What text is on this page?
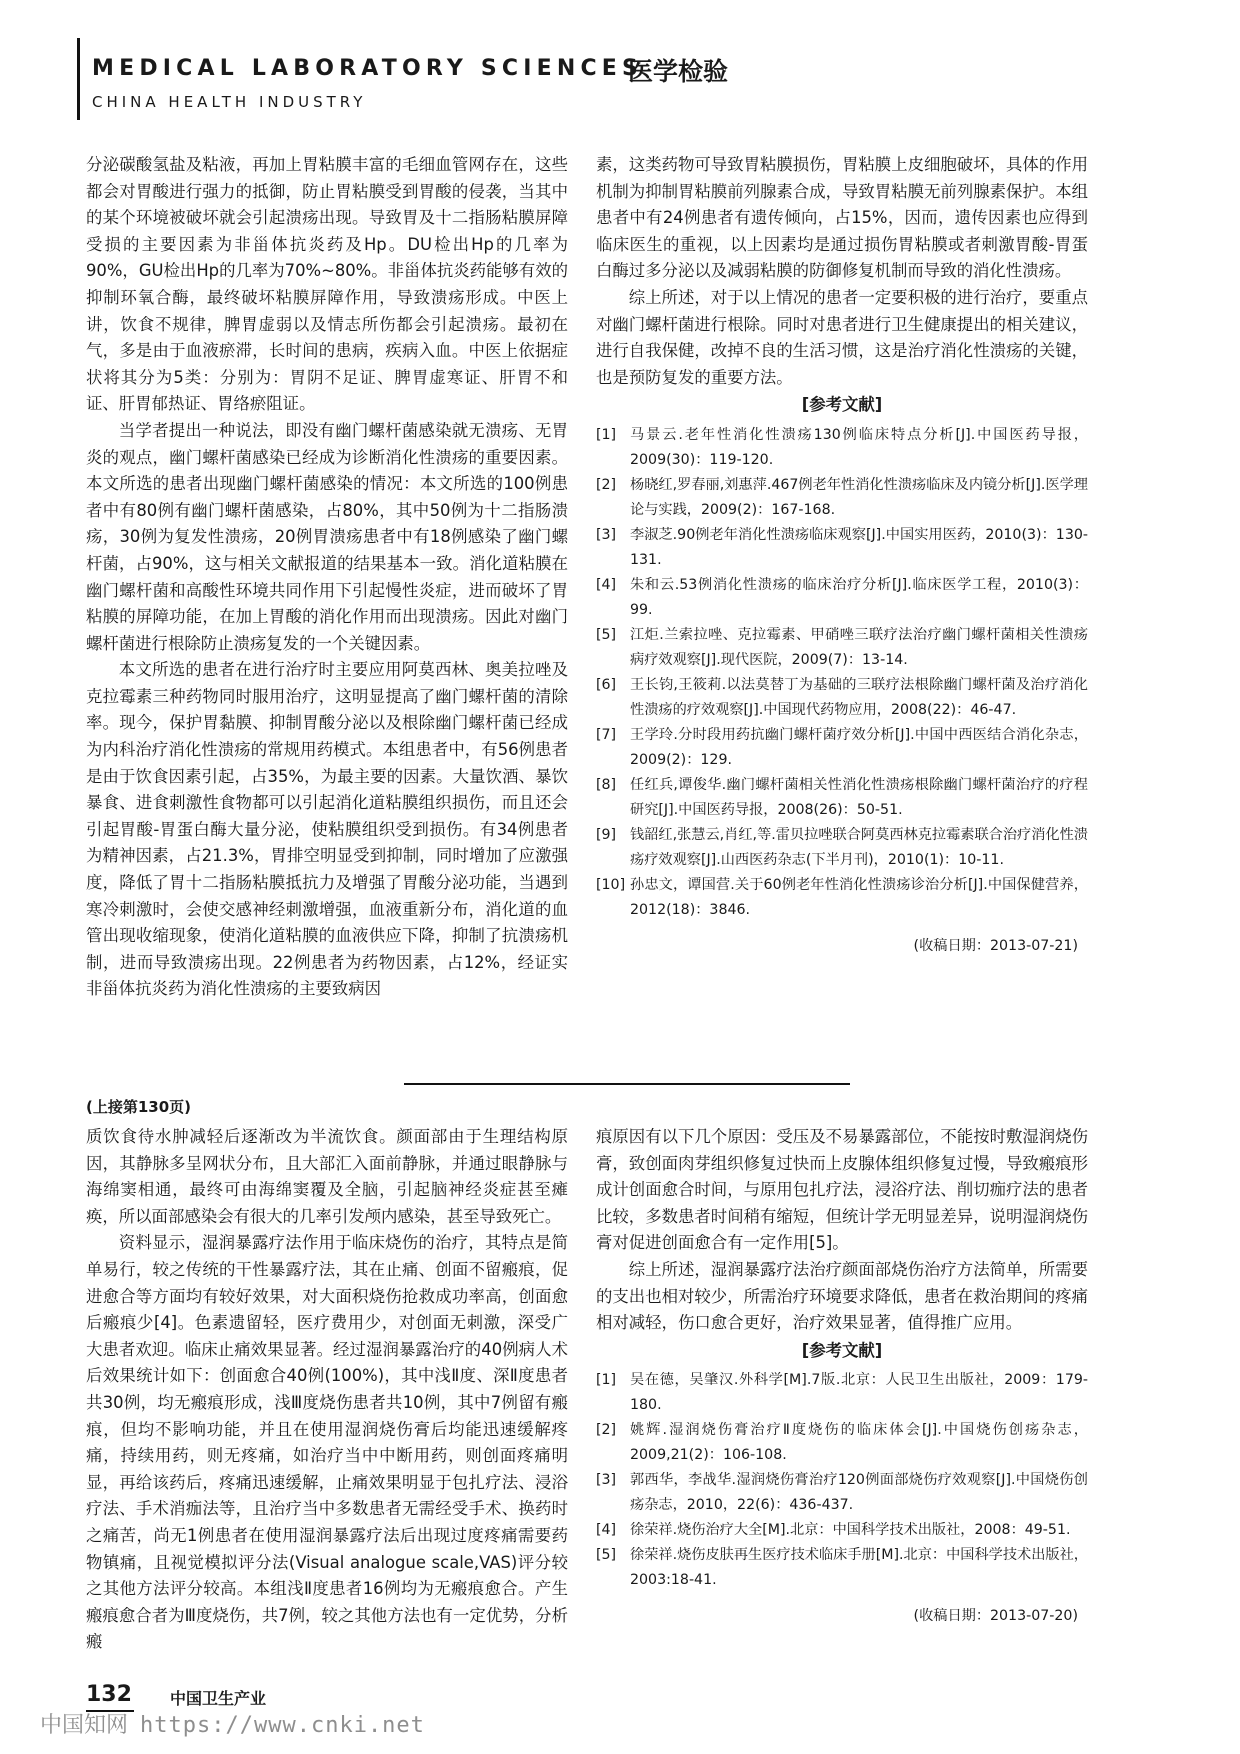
MEDICAL LABORATORY SCIENCES
医学检验
CHINA HEALTH INDUSTRY

分泌碳酸氢盐及粘液，再加上胃粘膜丰富的毛细血管网存在，这些都会对胃酸进行强力的抵御，防止胃粘膜受到胃酸的侵袭，当其中的某个环境被破坏就会引起溃疡出现。导致胃及十二指肠粘膜屏障受损的主要因素为非甾体抗炎药及Hp。DU检出Hp的几率为90%，GU检出Hp的几率为70%~80%。非甾体抗炎药能够有效的抑制环氧合酶，最终破坏粘膜屏障作用，导致溃疡形成。中医上讲，饮食不规律，脾胃虚弱以及情志所伤都会引起溃疡。最初在气，多是由于血液瘀滞，长时间的患病，疾病入血。中医上依据症状将其分为5类：分别为：胃阴不足证、脾胃虚寒证、肝胃不和证、肝胃郁热证、胃络瘀阻证。

当学者提出一种说法，即没有幽门螺杆菌感染就无溃疡、无胃炎的观点，幽门螺杆菌感染已经成为诊断消化性溃疡的重要因素。本文所选的患者出现幽门螺杆菌感染的情况：本文所选的100例患者中有80例有幽门螺杆菌感染，占80%，其中50例为十二指肠溃疡，30例为复发性溃疡，20例胃溃疡患者中有18例感染了幽门螺杆菌，占90%，这与相关文献报道的结果基本一致。消化道粘膜在幽门螺杆菌和高酸性环境共同作用下引起慢性炎症，进而破坏了胃粘膜的屏障功能，在加上胃酸的消化作用而出现溃疡。因此对幽门螺杆菌进行根除防止溃疡复发的一个关键因素。

本文所选的患者在进行治疗时主要应用阿莫西林、奥美拉唑及克拉霉素三种药物同时服用治疗，这明显提高了幽门螺杆菌的清除率。现今，保护胃黏膜、抑制胃酸分泌以及根除幽门螺杆菌已经成为内科治疗消化性溃疡的常规用药模式。本组患者中，有56例患者是由于饮食因素引起，占35%，为最主要的因素。大量饮酒、暴饮暴食、进食刺激性食物都可以引起消化道粘膜组织损伤，而且还会引起胃酸-胃蛋白酶大量分泌，使粘膜组织受到损伤。有34例患者为精神因素，占21.3%，胃排空明显受到抑制，同时增加了应激强度，降低了胃十二指肠粘膜抵抗力及增强了胃酸分泌功能，当遇到寒冷刺激时，会使交感神经刺激增强，血液重新分布，消化道的血管出现收缩现象，使消化道粘膜的血液供应下降，抑制了抗溃疡机制，进而导致溃疡出现。22例患者为药物因素，占12%，经证实非甾体抗炎药为消化性溃疡的主要致病因

素，这类药物可导致胃粘膜损伤，胃粘膜上皮细胞破坏，具体的作用机制为抑制胃粘膜前列腺素合成，导致胃粘膜无前列腺素保护。本组患者中有24例患者有遗传倾向，占15%，因而，遗传因素也应得到临床医生的重视，以上因素均是通过损伤胃粘膜或者刺激胃酸-胃蛋白酶过多分泌以及减弱粘膜的防御修复机制而导致的消化性溃疡。

综上所述，对于以上情况的患者一定要积极的进行治疗，要重点对幽门螺杆菌进行根除。同时对患者进行卫生健康提出的相关建议，进行自我保健，改掉不良的生活习惯，这是治疗消化性溃疡的关键，也是预防复发的重要方法。

[参考文献]
[1] 马景云.老年性消化性溃疡130例临床特点分析[J].中国医药导报，2009(30)：119-120.
[2] 杨晓红,罗春丽,刘惠萍.467例老年性消化性溃疡临床及内镜分析[J].医学理论与实践，2009(2)：167-168.
[3] 李淑芝.90例老年消化性溃疡临床观察[J].中国实用医药，2010(3)：130-131.
[4] 朱和云.53例消化性溃疡的临床治疗分析[J].临床医学工程，2010(3)：99.
[5] 江炬.兰索拉唑、克拉霉素、甲硝唑三联疗法治疗幽门螺杆菌相关性溃疡病疗效观察[J].现代医院，2009(7)：13-14.
[6] 王长钧,王筱莉.以法莫替丁为基础的三联疗法根除幽门螺杆菌及治疗消化性溃疡的疗效观察[J].中国现代药物应用，2008(22)：46-47.
[7] 王学玲.分时段用药抗幽门螺杆菌疗效分析[J].中国中西医结合消化杂志，2009(2)：129.
[8] 任红兵,谭俊华.幽门螺杆菌相关性消化性溃疡根除幽门螺杆菌治疗的疗程研究[J].中国医药导报，2008(26)：50-51.
[9] 钱韶红,张慧云,肖红,等.雷贝拉唑联合阿莫西林克拉霉素联合治疗消化性溃疡疗效观察[J].山西医药杂志(下半月刊)，2010(1)：10-11.
[10] 孙忠文，谭国营.关于60例老年性消化性溃疡诊治分析[J].中国保健营养，2012(18)：3846.
(收稿日期：2013-07-21)
(上接第130页)

质饮食待水肿减轻后逐渐改为半流饮食。颜面部由于生理结构原因，其静脉多呈网状分布，且大部汇入面前静脉，并通过眼静脉与海绵窦相通，最终可由海绵窦覆及全脑，引起脑神经炎症甚至瘫痪，所以面部感染会有很大的几率引发颅内感染，甚至导致死亡。

资料显示，湿润暴露疗法作用于临床烧伤的治疗，其特点是简单易行，较之传统的干性暴露疗法，其在止痛、创面不留瘢痕，促进愈合等方面均有较好效果，对大面积烧伤抢救成功率高，创面愈后瘢痕少[4]。色素遗留轻，医疗费用少，对创面无刺激，深受广大患者欢迎。临床止痛效果显著。经过湿润暴露治疗的40例病人术后效果统计如下：创面愈合40例(100%)，其中浅Ⅱ度、深Ⅱ度患者共30例，均无瘢痕形成，浅Ⅲ度烧伤患者共10例，其中7例留有瘢痕，但均不影响功能，并且在使用湿润烧伤膏后均能迅速缓解疼痛，持续用药，则无疼痛，如治疗当中中断用药，则创面疼痛明显，再给该药后，疼痛迅速缓解，止痛效果明显于包扎疗法、浸浴疗法、手术消痂法等，且治疗当中多数患者无需经受手术、换药时之痛苦，尚无1例患者在使用湿润暴露疗法后出现过度疼痛需要药物镇痛，且视觉模拟评分法(Visual analogue scale,VAS)评分较之其他方法评分较高。本组浅Ⅱ度患者16例均为无瘢痕愈合。产生瘢痕愈合者为Ⅲ度烧伤，共7例，较之其他方法也有一定优势，分析瘢

痕原因有以下几个原因：受压及不易暴露部位，不能按时敷湿润烧伤膏，致创面肉芽组织修复过快而上皮腺体组织修复过慢，导致瘢痕形成计创面愈合时间，与原用包扎疗法，浸浴疗法、削切痂疗法的患者比较，多数患者时间稍有缩短，但统计学无明显差异，说明湿润烧伤膏对促进创面愈合有一定作用[5]。

综上所述，湿润暴露疗法治疗颜面部烧伤治疗方法简单，所需要的支出也相对较少，所需治疗环境要求降低，患者在救治期间的疼痛相对减轻，伤口愈合更好，治疗效果显著，值得推广应用。

[参考文献]
[1] 吴在德，吴肇汉.外科学[M].7版.北京：人民卫生出版社，2009：179-180.
[2] 姚辉.湿润烧伤膏治疗Ⅱ度烧伤的临床体会[J].中国烧伤创疡杂志，2009,21(2)：106-108.
[3] 郭西华，李战华.湿润烧伤膏治疗120例面部烧伤疗效观察[J].中国烧伤创疡杂志，2010，22(6)：436-437.
[4] 徐荣祥.烧伤治疗大全[M].北京：中国科学技术出版社，2008：49-51.
[5] 徐荣祥.烧伤皮肤再生医疗技术临床手册[M].北京：中国科学技术出版社，2003:18-41.
(收稿日期：2013-07-20)
132 中国卫生产业
中国知网 https://www.cnki.net
